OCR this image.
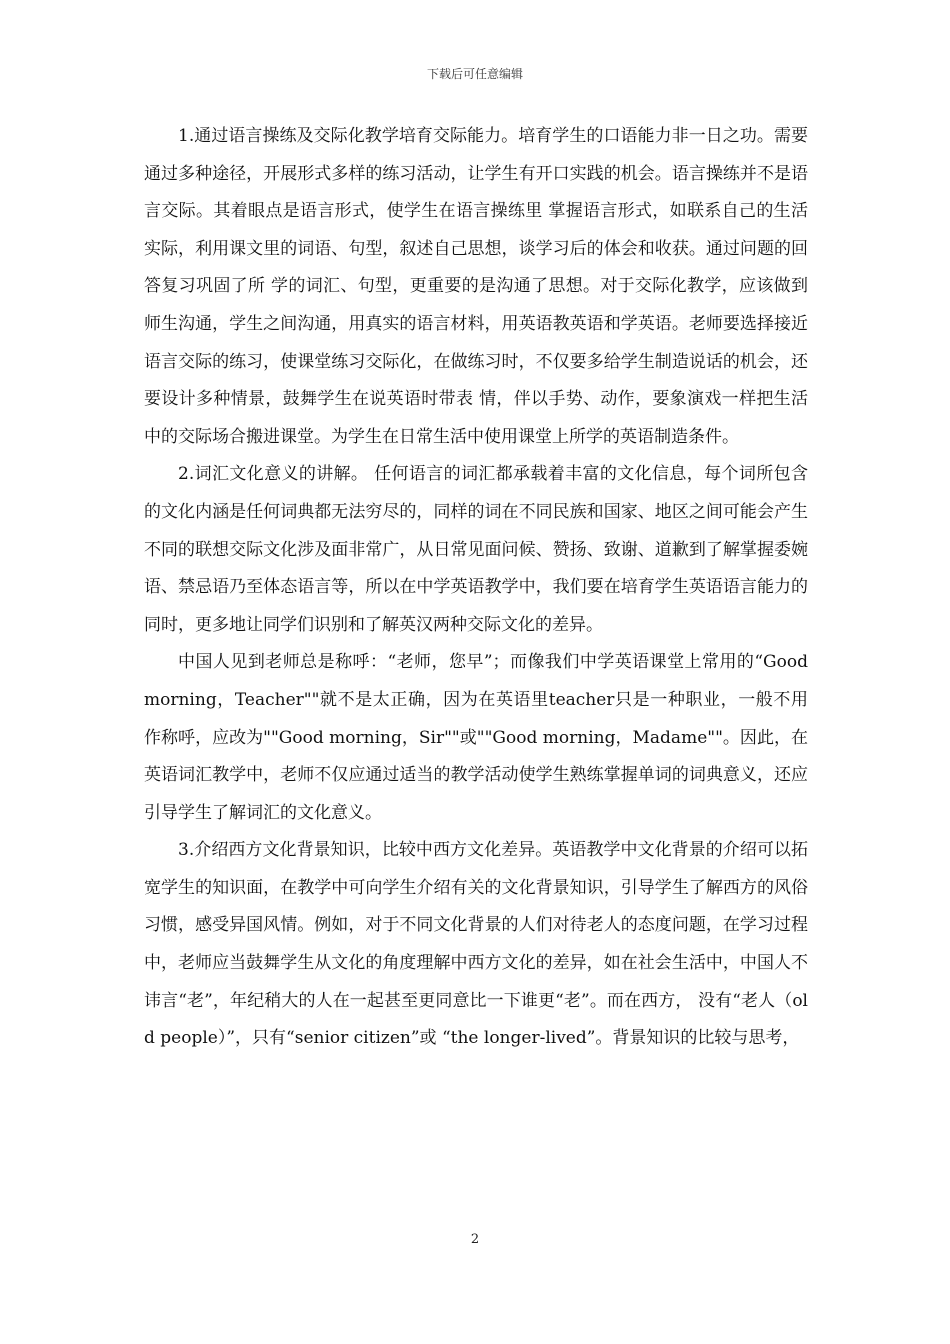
下载后可任意编辑

1.通过语言操练及交际化教学培育交际能力。培育学生的口语能力非一日之功。需要通过多种途径，开展形式多样的练习活动，让学生有开口实践的机会。语言操练并不是语言交际。其着眼点是语言形式，使学生在语言操练里 掌握语言形式，如联系自己的生活实际，利用课文里的词语、句型，叙述自己思想，谈学习后的体会和收获。通过问题的回答复习巩固了所 学的词汇、句型，更重要的是沟通了思想。对于交际化教学，应该做到师生沟通，学生之间沟通，用真实的语言材料，用英语教英语和学英语。老师要选择接近语言交际的练习，使课堂练习交际化，在做练习时，不仅要多给学生制造说话的机会，还要设计多种情景，鼓舞学生在说英语时带表 情，伴以手势、动作，要象演戏一样把生活中的交际场合搬进课堂。为学生在日常生活中使用课堂上所学的英语制造条件。

2.词汇文化意义的讲解。 任何语言的词汇都承载着丰富的文化信息，每个词所包含的文化内涵是任何词典都无法穷尽的，同样的词在不同民族和国家、地区之间可能会产生不同的联想交际文化涉及面非常广，从日常见面问候、赞扬、致谢、道歉到了解掌握委婉语、禁忌语乃至体态语言等，所以在中学英语教学中，我们要在培育学生英语语言能力的同时，更多地让同学们识别和了解英汉两种交际文化的差异。

中国人见到老师总是称呼：“老师，您早”；而像我们中学英语课堂上常用的“Good morning，Teacher""就不是太正确，因为在英语里teacher只是一种职业，一般不用作称呼，应改为""Good morning，Sir""或""Good morning，Madame""。因此，在英语词汇教学中，老师不仅应通过适当的教学活动使学生熟练掌握单词的词典意义，还应引导学生了解词汇的文化意义。

3.介绍西方文化背景知识，比较中西方文化差异。英语教学中文化背景的介绍可以拓宽学生的知识面，在教学中可向学生介绍有关的文化背景知识，引导学生了解西方的风俗习惯，感受异国风情。例如，对于不同文化背景的人们对待老人的态度问题，在学习过程中，老师应当鼓舞学生从文化的角度理解中西方文化的差异，如在社会生活中，中国人不讳言“老”，年纪稍大的人在一起甚至更同意比一下谁更“老”。而在西方， 没有“老人（old people）”，只有“senior citizen”或 “the longer-lived”。背景知识的比较与思考，

2
